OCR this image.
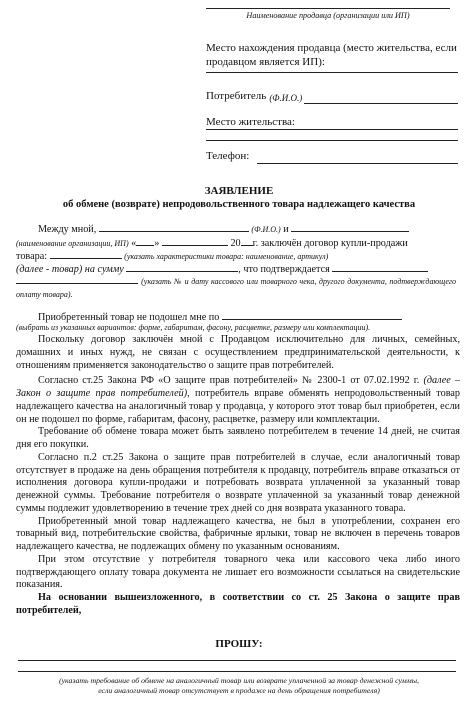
Наименование продавца (организации или ИП)
Место нахождения продавца (место жительства, если продавцом является ИП):
Потребитель (Ф.И.О.)
Место жительства:
Телефон:
ЗАЯВЛЕНИЕ
об обмене (возврате) непродовольственного товара надлежащего качества
Между мной,	(Ф.И.О.) и
(наименование организации, ИП) « »	20 г. заключён договор купли-продажи
товара:	(указать характеристики товара: наименование, артикул)
(далее - товар) на сумму	, что подтверждается
(указать № и дату кассового или товарного чека, другого документа, подтверждающего оплату товара).
Приобретенный товар не подошел мне по
(выбрать из указанных вариантов: форме, габаритам, фасону, расцветке, размеру или комплектации).

Поскольку договор заключён мной с Продавцом исключительно для личных, семейных, домашних и иных нужд, не связан с осуществлением предпринимательской деятельности, к отношениям применяется законодательство о защите прав потребителей.

Согласно ст.25 Закона РФ «О защите прав потребителей» № 2300-1 от 07.02.1992 г. (далее – Закон о защите прав потребителей), потребитель вправе обменять непродовольственный товар надлежащего качества на аналогичный товар у продавца, у которого этот товар был приобретен, если он не подошел по форме, габаритам, фасону, расцветке, размеру или комплектации.

Требование об обмене товара может быть заявлено потребителем в течение 14 дней, не считая дня его покупки.

Согласно п.2 ст.25 Закона о защите прав потребителей в случае, если аналогичный товар отсутствует в продаже на день обращения потребителя к продавцу, потребитель вправе отказаться от исполнения договора купли-продажи и потребовать возврата уплаченной за указанный товар денежной суммы. Требование потребителя о возврате уплаченной за указанный товар денежной суммы подлежит удовлетворению в течение трех дней со дня возврата указанного товара.

Приобретенный мной товар надлежащего качества, не был в употреблении, сохранен его товарный вид, потребительские свойства, фабричные ярлыки, товар не включен в перечень товаров надлежащего качества, не подлежащих обмену по указанным основаниям.

При этом отсутствие у потребителя товарного чека или кассового чека либо иного подтверждающего оплату товара документа не лишает его возможности ссылаться на свидетельские показания.

На основании вышеизложенного, в соответствии со ст. 25 Закона о защите прав потребителей,

ПРОШУ:
(указать требование об обмене на аналогичный товар или возврате уплаченной за товар денежной суммы,
если аналогичный товар отсутствует в продаже на день обращения потребителя)
